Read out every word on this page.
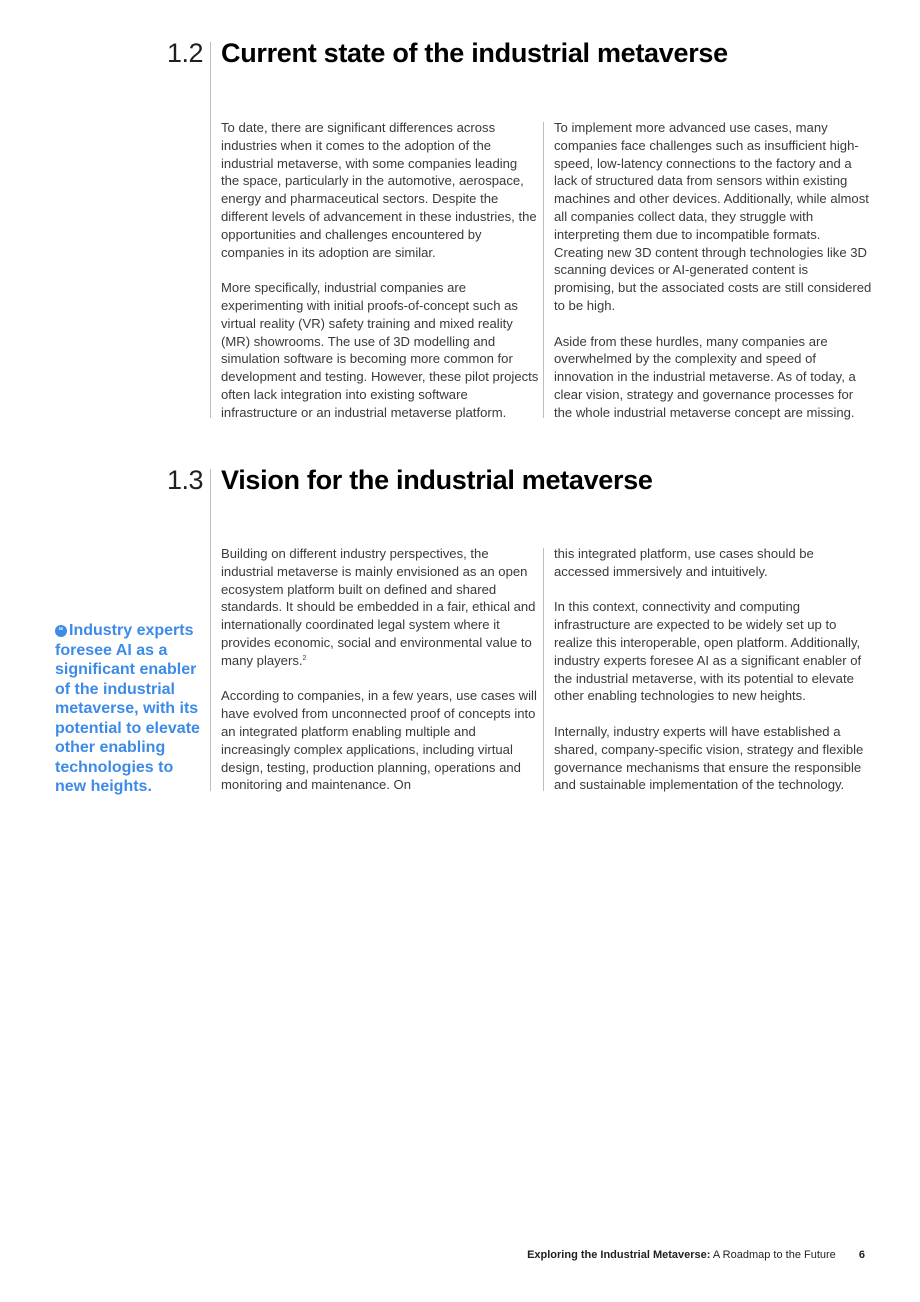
1.2 Current state of the industrial metaverse

To date, there are significant differences across industries when it comes to the adoption of the industrial metaverse, with some companies leading the space, particularly in the automotive, aerospace, energy and pharmaceutical sectors. Despite the different levels of advancement in these industries, the opportunities and challenges encountered by companies in its adoption are similar.

More specifically, industrial companies are experimenting with initial proofs-of-concept such as virtual reality (VR) safety training and mixed reality (MR) showrooms. The use of 3D modelling and simulation software is becoming more common for development and testing. However, these pilot projects often lack integration into existing software infrastructure or an industrial metaverse platform.

To implement more advanced use cases, many companies face challenges such as insufficient high-speed, low-latency connections to the factory and a lack of structured data from sensors within existing machines and other devices. Additionally, while almost all companies collect data, they struggle with interpreting them due to incompatible formats. Creating new 3D content through technologies like 3D scanning devices or AI-generated content is promising, but the associated costs are still considered to be high.

Aside from these hurdles, many companies are overwhelmed by the complexity and speed of innovation in the industrial metaverse. As of today, a clear vision, strategy and governance processes for the whole industrial metaverse concept are missing.

1.3 Vision for the industrial metaverse
“ Industry experts foresee AI as a significant enabler of the industrial metaverse, with its potential to elevate other enabling technologies to new heights.

Building on different industry perspectives, the industrial metaverse is mainly envisioned as an open ecosystem platform built on defined and shared standards. It should be embedded in a fair, ethical and internationally coordinated legal system where it provides economic, social and environmental value to many players.$^2$

According to companies, in a few years, use cases will have evolved from unconnected proof of concepts into an integrated platform enabling multiple and increasingly complex applications, including virtual design, testing, production planning, operations and monitoring and maintenance. On

this integrated platform, use cases should be accessed immersively and intuitively.

In this context, connectivity and computing infrastructure are expected to be widely set up to realize this interoperable, open platform. Additionally, industry experts foresee AI as a significant enabler of the industrial metaverse, with its potential to elevate other enabling technologies to new heights.

Internally, industry experts will have established a shared, company-specific vision, strategy and flexible governance mechanisms that ensure the responsible and sustainable implementation of the technology.

Exploring the Industrial Metaverse: A Roadmap to the Future 6
